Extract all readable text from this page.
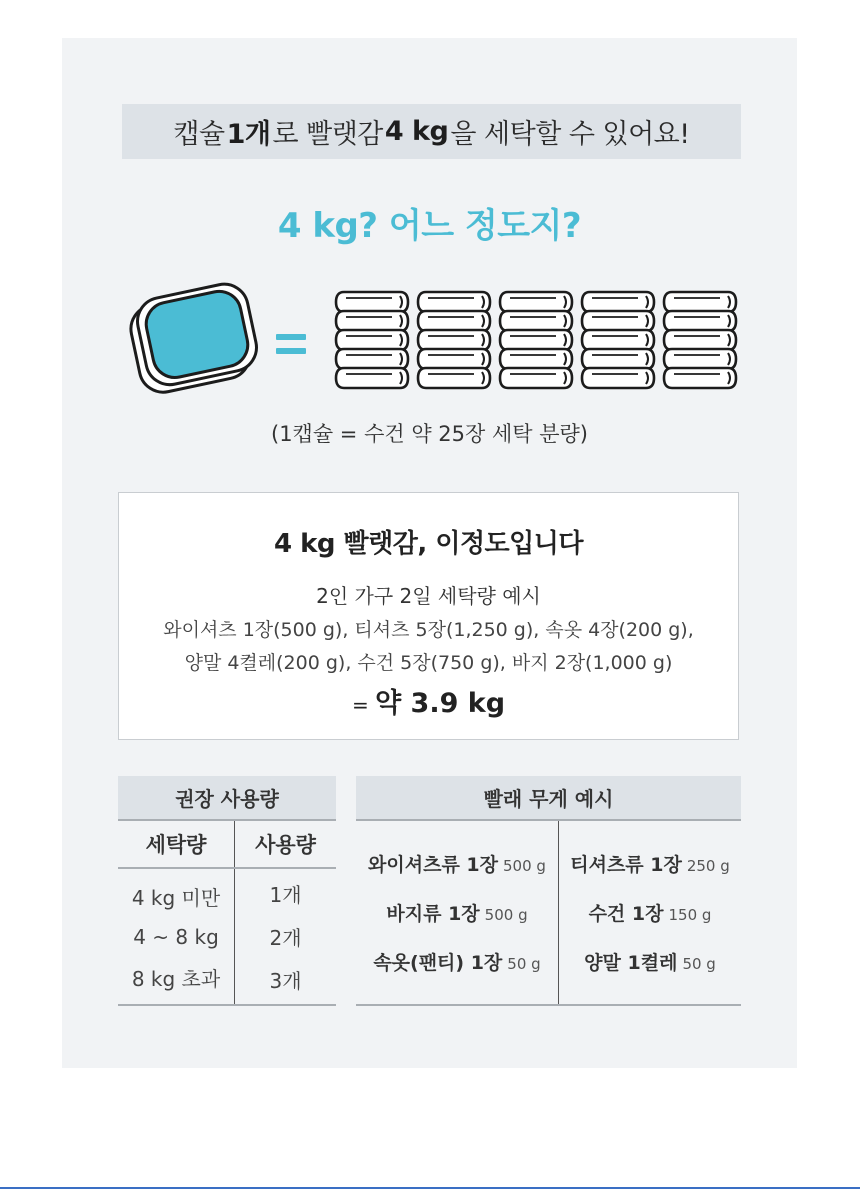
캡슐 1개 로 빨랫감 4 kg 을 세탁할 수 있어요!
4 kg? 어느 정도지?
(1캡슐 = 수건 약 25장 세탁 분량)
4 kg 빨랫감, 이정도입니다
2인 가구 2일 세탁량 예시
와이셔츠 1장(500 g), 티셔츠 5장(1,250 g), 속옷 4장(200 g),
양말 4켤레(200 g), 수건 5장(750 g), 바지 2장(1,000 g)
= 약 3.9 kg
권장 사용량
세탁량	사용량
4 kg 미만
4 ~ 8 kg
8 kg 초과
1개
2개
3개
빨래 무게 예시
와이셔츠류 1장 500 g
바지류 1장 500 g
속옷(팬티) 1장 50 g
티셔츠류 1장 250 g
수건 1장 150 g
양말 1켤레 50 g
